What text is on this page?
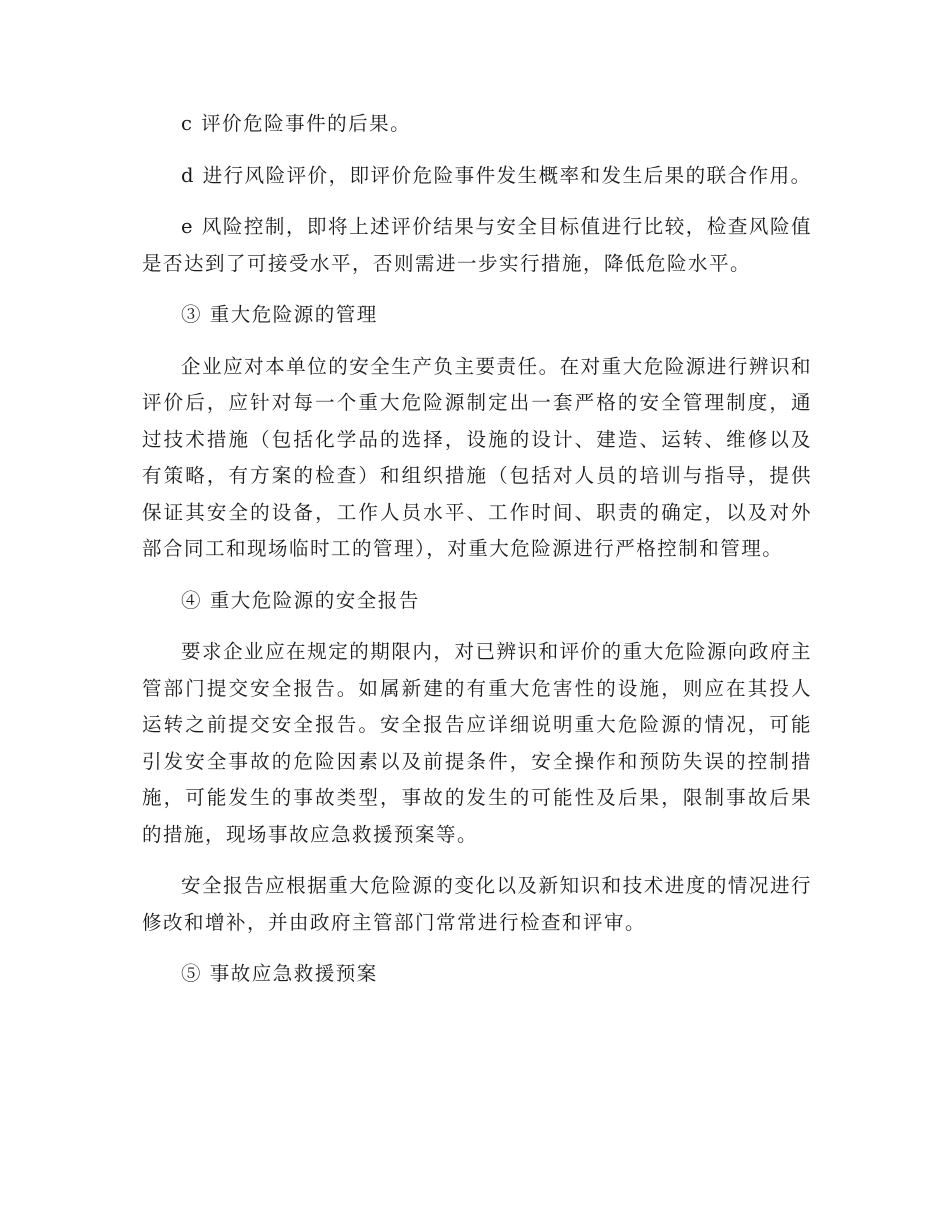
c 评价危险事件的后果。

d 进行风险评价，即评价危险事件发生概率和发生后果的联合作用。

e 风险控制，即将上述评价结果与安全目标值进行比较，检查风险值是否达到了可接受水平，否则需进一步实行措施，降低危险水平。

③ 重大危险源的管理

企业应对本单位的安全生产负主要责任。在对重大危险源进行辨识和评价后，应针对每一个重大危险源制定出一套严格的安全管理制度，通过技术措施（包括化学品的选择，设施的设计、建造、运转、维修以及有策略，有方案的检查）和组织措施（包括对人员的培训与指导，提供保证其安全的设备，工作人员水平、工作时间、职责的确定，以及对外部合同工和现场临时工的管理），对重大危险源进行严格控制和管理。

④ 重大危险源的安全报告

要求企业应在规定的期限内，对已辨识和评价的重大危险源向政府主管部门提交安全报告。如属新建的有重大危害性的设施，则应在其投人运转之前提交安全报告。安全报告应详细说明重大危险源的情况，可能引发安全事故的危险因素以及前提条件，安全操作和预防失误的控制措施，可能发生的事故类型，事故的发生的可能性及后果，限制事故后果的措施，现场事故应急救援预案等。

安全报告应根据重大危险源的变化以及新知识和技术进度的情况进行修改和增补，并由政府主管部门常常进行检查和评审。

⑤ 事故应急救援预案
